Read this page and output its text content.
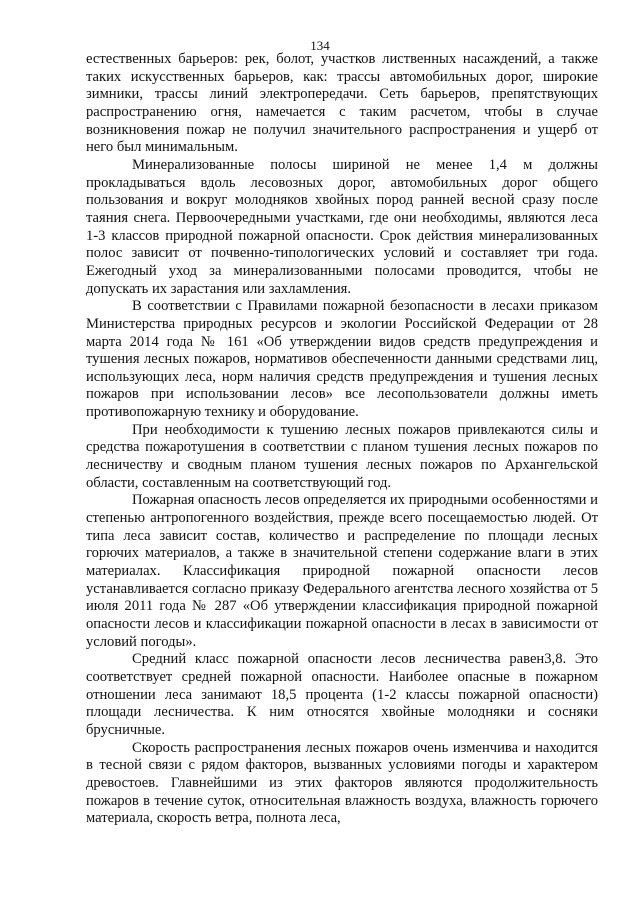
134

естественных барьеров: рек, болот, участков лиственных насаждений, а также таких искусственных барьеров, как: трассы автомобильных дорог, широкие зимники, трассы линий электропередачи. Сеть барьеров, препятствующих распространению огня, намечается с таким расчетом, чтобы в случае возникновения пожар не получил значительного распространения и ущерб от него был минимальным.

Минерализованные полосы шириной не менее 1,4 м должны прокладываться вдоль лесовозных дорог, автомобильных дорог общего пользования и вокруг молодняков хвойных пород ранней весной сразу после таяния снега. Первоочередными участками, где они необходимы, являются леса 1-3 классов природной пожарной опасности. Срок действия минерализованных полос зависит от почвенно-типологических условий и составляет три года. Ежегодный уход за минерализованными полосами проводится, чтобы не допускать их зарастания или захламления.

В соответствии с Правилами пожарной безопасности в лесахи приказом Министерства природных ресурсов и экологии Российской Федерации от 28 марта 2014 года № 161 «Об утверждении видов средств предупреждения и тушения лесных пожаров, нормативов обеспеченности данными средствами лиц, использующих леса, норм наличия средств предупреждения и тушения лесных пожаров при использовании лесов» все лесопользователи должны иметь противопожарную технику и оборудование.

При необходимости к тушению лесных пожаров привлекаются силы и средства пожаротушения в соответствии с планом тушения лесных пожаров по лесничеству и сводным планом тушения лесных пожаров по Архангельской области, составленным на соответствующий год.

Пожарная опасность лесов определяется их природными особенностями и степенью антропогенного воздействия, прежде всего посещаемостью людей. От типа леса зависит состав, количество и распределение по площади лесных горючих материалов, а также в значительной степени содержание влаги в этих материалах. Классификация природной пожарной опасности лесов устанавливается согласно приказу Федерального агентства лесного хозяйства от 5 июля 2011 года № 287 «Об утверждении классификация природной пожарной опасности лесов и классификации пожарной опасности в лесах в зависимости от условий погоды».

Средний класс пожарной опасности лесов лесничества равен3,8. Это соответствует средней пожарной опасности. Наиболее опасные в пожарном отношении леса занимают 18,5 процента (1-2 классы пожарной опасности) площади лесничества. К ним относятся хвойные молодняки и сосняки брусничные.

Скорость распространения лесных пожаров очень изменчива и находится в тесной связи с рядом факторов, вызванных условиями погоды и характером древостоев. Главнейшими из этих факторов являются продолжительность пожаров в течение суток, относительная влажность воздуха, влажность горючего материала, скорость ветра, полнота леса,
